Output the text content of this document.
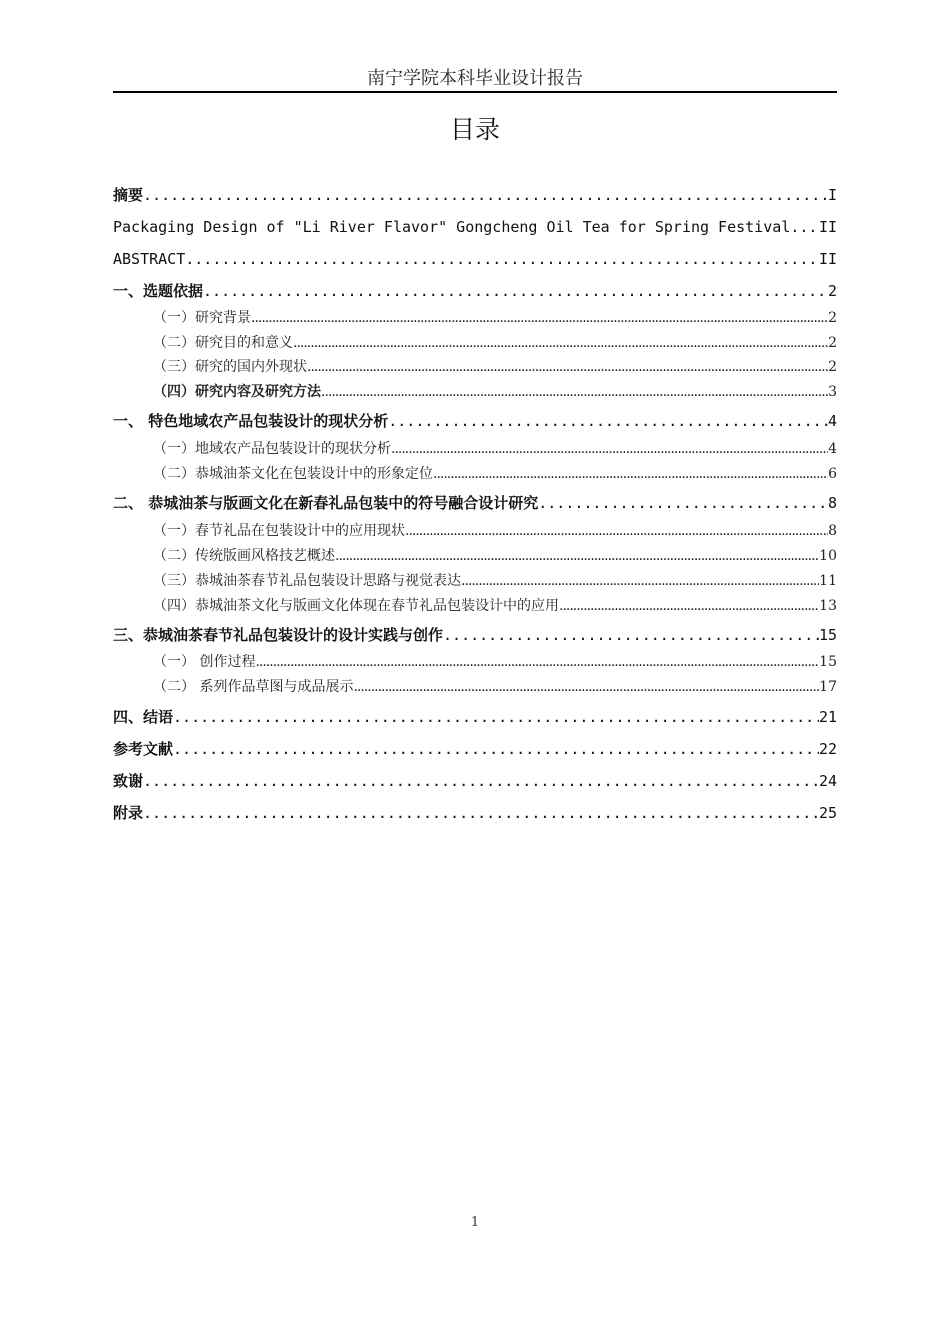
南宁学院本科毕业设计报告
目录
摘要 .....	I
Packaging Design of "Li River Flavor" Gongcheng Oil Tea for Spring Festival ..... II
ABSTRACT .....	II
一、选题依据 .....	2
（一）研究背景 .....	2
（二）研究目的和意义 .....	2
（三）研究的国内外现状 .....	2
（四）研究内容及研究方法 .....	3
一、 特色地域农产品包装设计的现状分析 .....	4
（一）地域农产品包装设计的现状分析 .....	4
（二）恭城油茶文化在包装设计中的形象定位 .....	6
二、 恭城油茶与版画文化在新春礼品包装中的符号融合设计研究 .....	8
（一）春节礼品在包装设计中的应用现状 .....	8
（二）传统版画风格技艺概述 .....	10
（三）恭城油茶春节礼品包装设计思路与视觉表达 .....	11
（四）恭城油茶文化与版画文化体现在春节礼品包装设计中的应用 .....	13
三、恭城油茶春节礼品包装设计的设计实践与创作 .....	15
（一） 创作过程 .....	15
（二） 系列作品草图与成品展示 .....	17
四、结语 .....	21
参考文献 .....	22
致谢 .....	24
附录 .....	25
1
